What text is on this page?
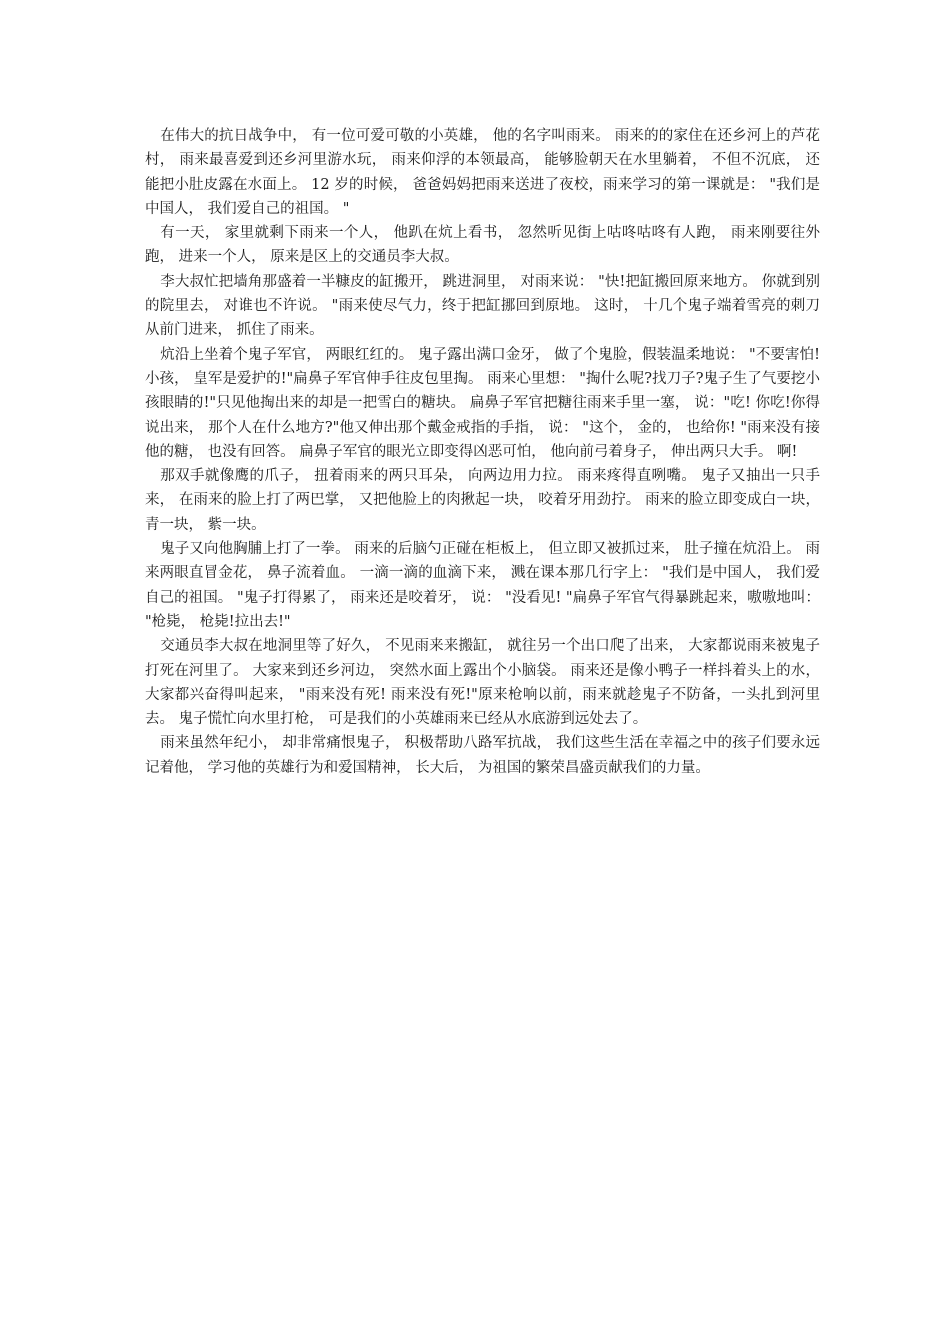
在伟大的抗日战争中， 有一位可爱可敬的小英雄， 他的名字叫雨来。 雨来的的家住在还乡河上的芦花村， 雨来最喜爱到还乡河里游水玩， 雨来仰浮的本领最高， 能够脸朝天在水里躺着， 不但不沉底， 还能把小肚皮露在水面上。 12 岁的时候， 爸爸妈妈把雨来送进了夜校，雨来学习的第一课就是： "我们是中国人， 我们爱自己的祖国。 "

有一天， 家里就剩下雨来一个人， 他趴在炕上看书， 忽然听见街上咕咚咕咚有人跑， 雨来刚要往外跑， 进来一个人， 原来是区上的交通员李大叔。

李大叔忙把墙角那盛着一半糠皮的缸搬开， 跳进洞里， 对雨来说： "快!把缸搬回原来地方。 你就到别的院里去， 对谁也不许说。 "雨来使尽气力，终于把缸挪回到原地。 这时， 十几个鬼子端着雪亮的刺刀从前门进来， 抓住了雨来。

炕沿上坐着个鬼子军官， 两眼红红的。 鬼子露出满口金牙， 做了个鬼脸，假装温柔地说： "不要害怕! 小孩， 皇军是爱护的!"扁鼻子军官伸手往皮包里掏。 雨来心里想： "掏什么呢?找刀子?鬼子生了气要挖小孩眼睛的!"只见他掏出来的却是一把雪白的糖块。 扁鼻子军官把糖往雨来手里一塞， 说："吃! 你吃!你得说出来， 那个人在什么地方?"他又伸出那个戴金戒指的手指， 说： "这个， 金的， 也给你! "雨来没有接他的糖， 也没有回答。 扁鼻子军官的眼光立即变得凶恶可怕， 他向前弓着身子， 伸出两只大手。 啊!

那双手就像鹰的爪子， 扭着雨来的两只耳朵， 向两边用力拉。 雨来疼得直咧嘴。 鬼子又抽出一只手来， 在雨来的脸上打了两巴掌， 又把他脸上的肉揪起一块， 咬着牙用劲拧。 雨来的脸立即变成白一块， 青一块， 紫一块。

鬼子又向他胸脯上打了一拳。 雨来的后脑勺正碰在柜板上， 但立即又被抓过来， 肚子撞在炕沿上。 雨来两眼直冒金花， 鼻子流着血。 一滴一滴的血滴下来， 溅在课本那几行字上： "我们是中国人， 我们爱自己的祖国。 "鬼子打得累了， 雨来还是咬着牙， 说： "没看见! "扁鼻子军官气得暴跳起来，嗷嗷地叫： "枪毙， 枪毙!拉出去!"

交通员李大叔在地洞里等了好久， 不见雨来来搬缸， 就往另一个出口爬了出来， 大家都说雨来被鬼子打死在河里了。 大家来到还乡河边， 突然水面上露出个小脑袋。 雨来还是像小鸭子一样抖着头上的水， 大家都兴奋得叫起来， "雨来没有死! 雨来没有死!"原来枪响以前，雨来就趁鬼子不防备，一头扎到河里去。 鬼子慌忙向水里打枪， 可是我们的小英雄雨来已经从水底游到远处去了。

雨来虽然年纪小， 却非常痛恨鬼子， 积极帮助八路军抗战， 我们这些生活在幸福之中的孩子们要永远记着他， 学习他的英雄行为和爱国精神， 长大后， 为祖国的繁荣昌盛贡献我们的力量。
